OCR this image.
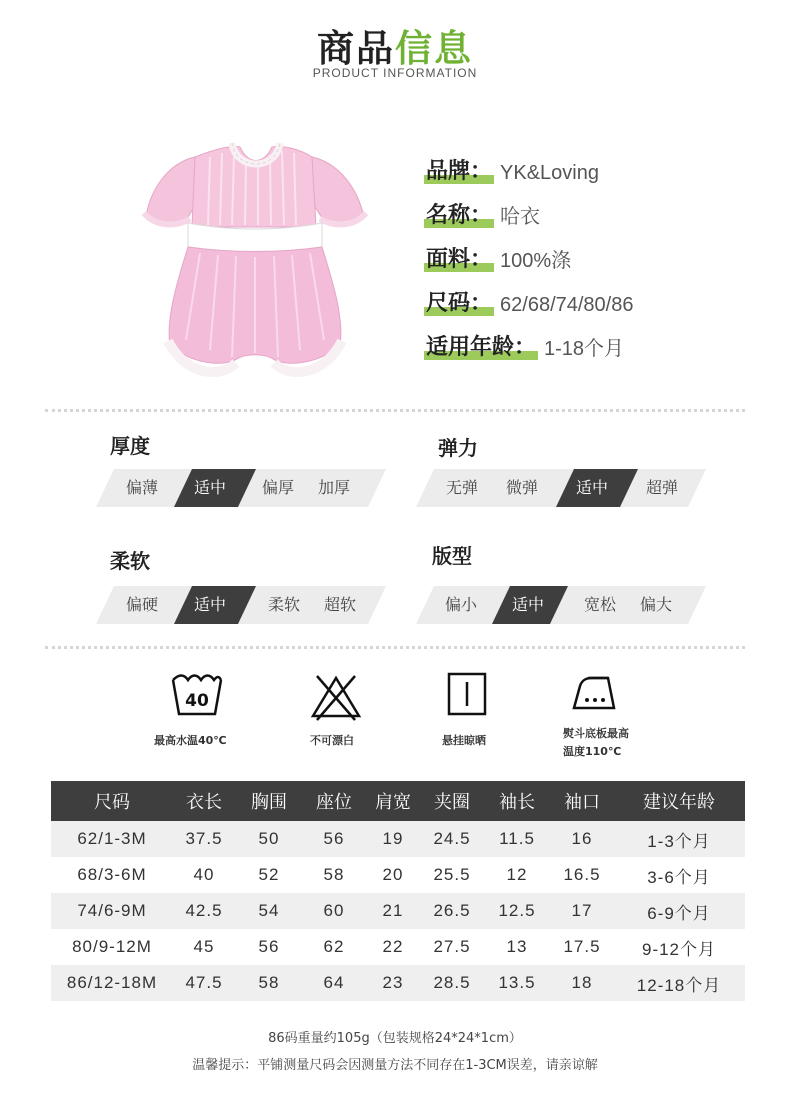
商品信息
PRODUCT INFORMATION
品牌： YK&Loving
名称： 哈衣
面料： 100%涤
尺码： 62/68/74/80/86
适用年龄： 1-18个月
厚度
偏薄	适中	偏厚	加厚
弹力
无弹	微弹	适中	超弹
柔软
偏硬	适中	柔软	超软
版型
偏小	适中	宽松	偏大
40
最高水温40℃	不可漂白	悬挂晾晒
熨斗底板最高
温度110℃
尺码	衣长	胸围	座位	肩宽	夹圈	袖长	袖口	建议年龄
62/1-3M	37.5	50	56	19	24.5	11.5	16	1-3个月
68/3-6M	40	52	58	20	25.5	12	16.5	3-6个月
74/6-9M	42.5	54	60	21	26.5	12.5	17	6-9个月
80/9-12M	45	56	62	22	27.5	13	17.5	9-12个月
86/12-18M	47.5	58	64	23	28.5	13.5	18	12-18个月
86码重量约105g（包装规格24*24*1cm）
温馨提示：平铺测量尺码会因测量方法不同存在1-3CM误差，请亲谅解
